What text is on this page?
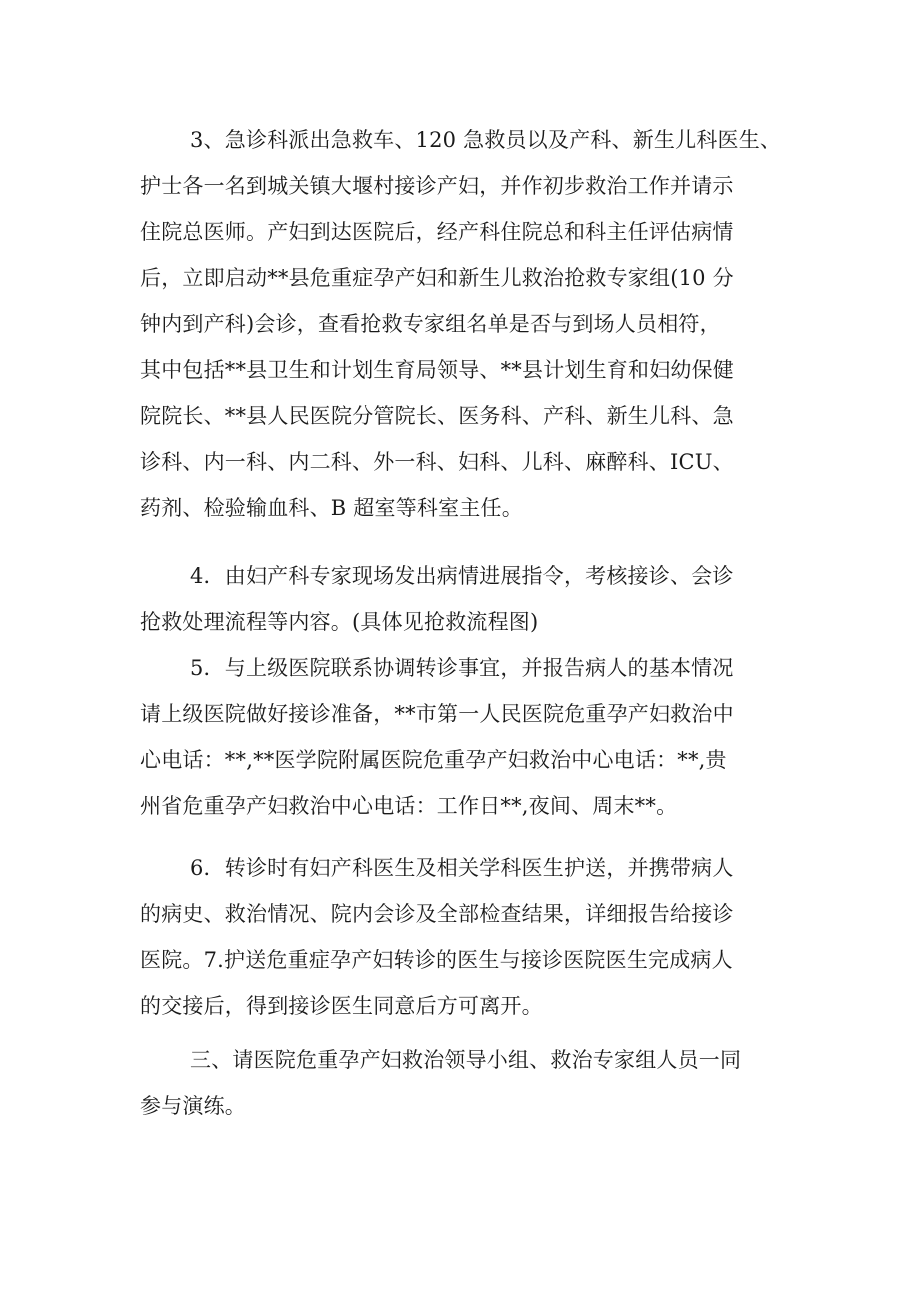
3、急诊科派出急救车、120 急救员以及产科、新生儿科医生、
护士各一名到城关镇大堰村接诊产妇，并作初步救治工作并请示
住院总医师。产妇到达医院后，经产科住院总和科主任评估病情
后，立即启动**县危重症孕产妇和新生儿救治抢救专家组(10 分
钟内到产科)会诊，查看抢救专家组名单是否与到场人员相符，
其中包括**县卫生和计划生育局领导、**县计划生育和妇幼保健
院院长、**县人民医院分管院长、医务科、产科、新生儿科、急
诊科、内一科、内二科、外一科、妇科、儿科、麻醉科、ICU、
药剂、检验输血科、B 超室等科室主任。
4．由妇产科专家现场发出病情进展指令，考核接诊、会诊
抢救处理流程等内容。(具体见抢救流程图)
5．与上级医院联系协调转诊事宜，并报告病人的基本情况
请上级医院做好接诊准备，**市第一人民医院危重孕产妇救治中
心电话：**,**医学院附属医院危重孕产妇救治中心电话：**,贵
州省危重孕产妇救治中心电话：工作日**,夜间、周末**。
6．转诊时有妇产科医生及相关学科医生护送，并携带病人
的病史、救治情况、院内会诊及全部检查结果，详细报告给接诊
医院。7.护送危重症孕产妇转诊的医生与接诊医院医生完成病人
的交接后，得到接诊医生同意后方可离开。
三、请医院危重孕产妇救治领导小组、救治专家组人员一同
参与演练。
